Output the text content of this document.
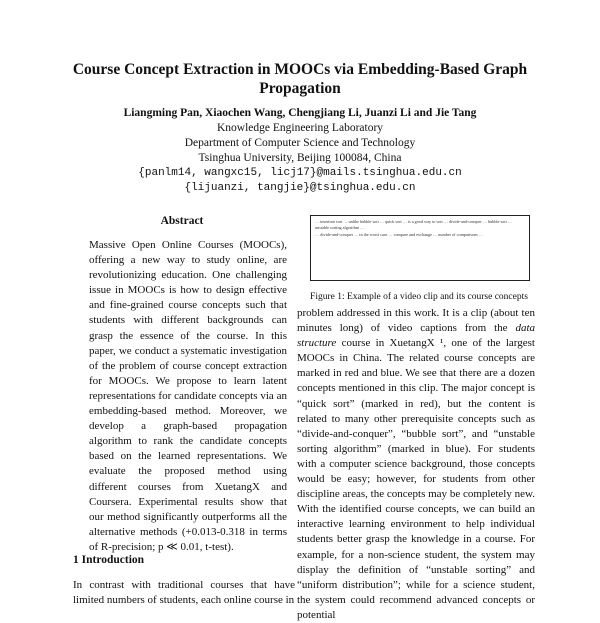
Course Concept Extraction in MOOCs via Embedding-Based Graph
Propagation
Liangming Pan, Xiaochen Wang, Chengjiang Li, Juanzi Li and Jie Tang
Knowledge Engineering Laboratory
Department of Computer Science and Technology
Tsinghua University, Beijing 100084, China
{panlm14, wangxc15, licj17}@mails.tsinghua.edu.cn
{lijuanzi, tangjie}@tsinghua.edu.cn
Abstract
Massive Open Online Courses (MOOCs), offering a new way to study online, are revolutionizing education. One challenging issue in MOOCs is how to design effective and fine-grained course concepts such that students with different backgrounds can grasp the essence of the course. In this paper, we conduct a systematic investigation of the problem of course concept extraction for MOOCs. We propose to learn latent representations for candidate concepts via an embedding-based method. Moreover, we develop a graph-based propagation algorithm to rank the candidate concepts based on the learned representations. We evaluate the proposed method using different courses from XuetangX and Coursera. Experimental results show that our method significantly outperforms all the alternative methods (+0.013-0.318 in terms of R-precision; p ≪ 0.01, t-test).
1 Introduction
In contrast with traditional courses that have limited numbers of students, each online course in

… insertion sort … unlike bubble sort … quick sort … is a good way to sort … divide-and-conquer … bubble sort … unstable sorting algorithm …

… divide-and-conquer … in the worst case … compare and exchange … number of comparisons …

Figure 1: Example of a video clip and its course concepts
problem addressed in this work. It is a clip (about ten minutes long) of video captions from the data structure course in XuetangX ¹, one of the largest MOOCs in China. The related course concepts are marked in red and blue. We see that there are a dozen concepts mentioned in this clip. The major concept is “quick sort” (marked in red), but the content is related to many other prerequisite concepts such as “divide-and-conquer”, “bubble sort”, and “unstable sorting algorithm” (marked in blue). For students with a computer science background, those concepts would be easy; however, for students from other discipline areas, the concepts may be completely new. With the identified course concepts, we can build an interactive learning environment to help individual students better grasp the knowledge in a course. For example, for a non-science student, the system may display the definition of “unstable sorting” and “uniform distribution”; while for a science student, the system could recommend advanced concepts or potential
